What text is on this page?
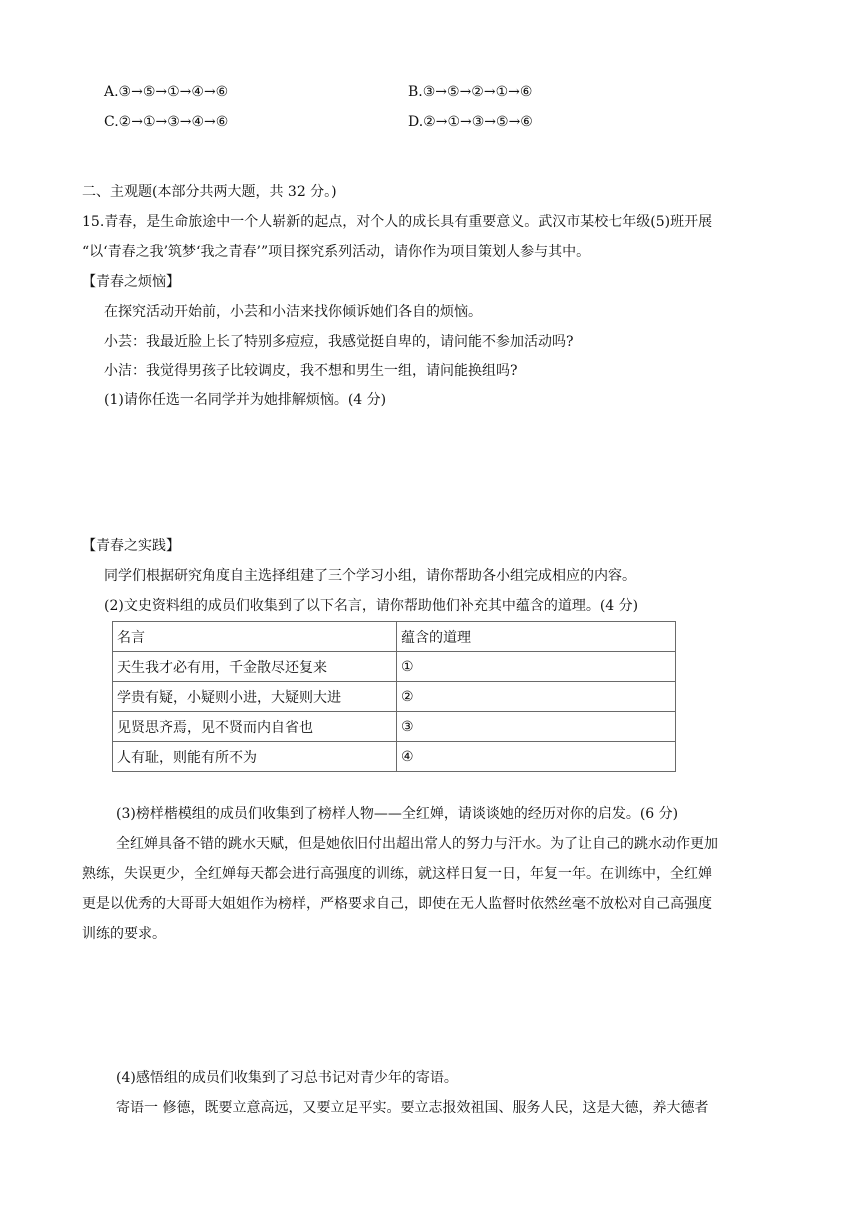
A.③→⑤→①→④→⑥	B.③→⑤→②→①→⑥
C.②→①→③→④→⑥	D.②→①→③→⑤→⑥
二、主观题(本部分共两大题，共 32 分。)
15.青春，是生命旅途中一个人崭新的起点，对个人的成长具有重要意义。武汉市某校七年级(5)班开展
“以‘青春之我’筑梦‘我之青春’”项目探究系列活动，请你作为项目策划人参与其中。
【青春之烦恼】
在探究活动开始前，小芸和小洁来找你倾诉她们各自的烦恼。
小芸：我最近脸上长了特别多痘痘，我感觉挺自卑的，请问能不参加活动吗?
小洁：我觉得男孩子比较调皮，我不想和男生一组，请问能换组吗?
(1)请你任选一名同学并为她排解烦恼。(4 分)
【青春之实践】
同学们根据研究角度自主选择组建了三个学习小组，请你帮助各小组完成相应的内容。
(2)文史资料组的成员们收集到了以下名言，请你帮助他们补充其中蕴含的道理。(4 分)
名言	蕴含的道理
天生我才必有用，千金散尽还复来	①
学贵有疑，小疑则小进，大疑则大进	②
见贤思齐焉，见不贤而内自省也	③
人有耻，则能有所不为	④
(3)榜样楷模组的成员们收集到了榜样人物——全红婵，请谈谈她的经历对你的启发。(6 分)
全红婵具备不错的跳水天赋，但是她依旧付出超出常人的努力与汗水。为了让自己的跳水动作更加
熟练，失误更少，全红婵每天都会进行高强度的训练，就这样日复一日，年复一年。在训练中，全红婵
更是以优秀的大哥哥大姐姐作为榜样，严格要求自己，即使在无人监督时依然丝毫不放松对自己高强度
训练的要求。
(4)感悟组的成员们收集到了习总书记对青少年的寄语。
寄语一 修德，既要立意高远，又要立足平实。要立志报效祖国、服务人民，这是大德，养大德者
